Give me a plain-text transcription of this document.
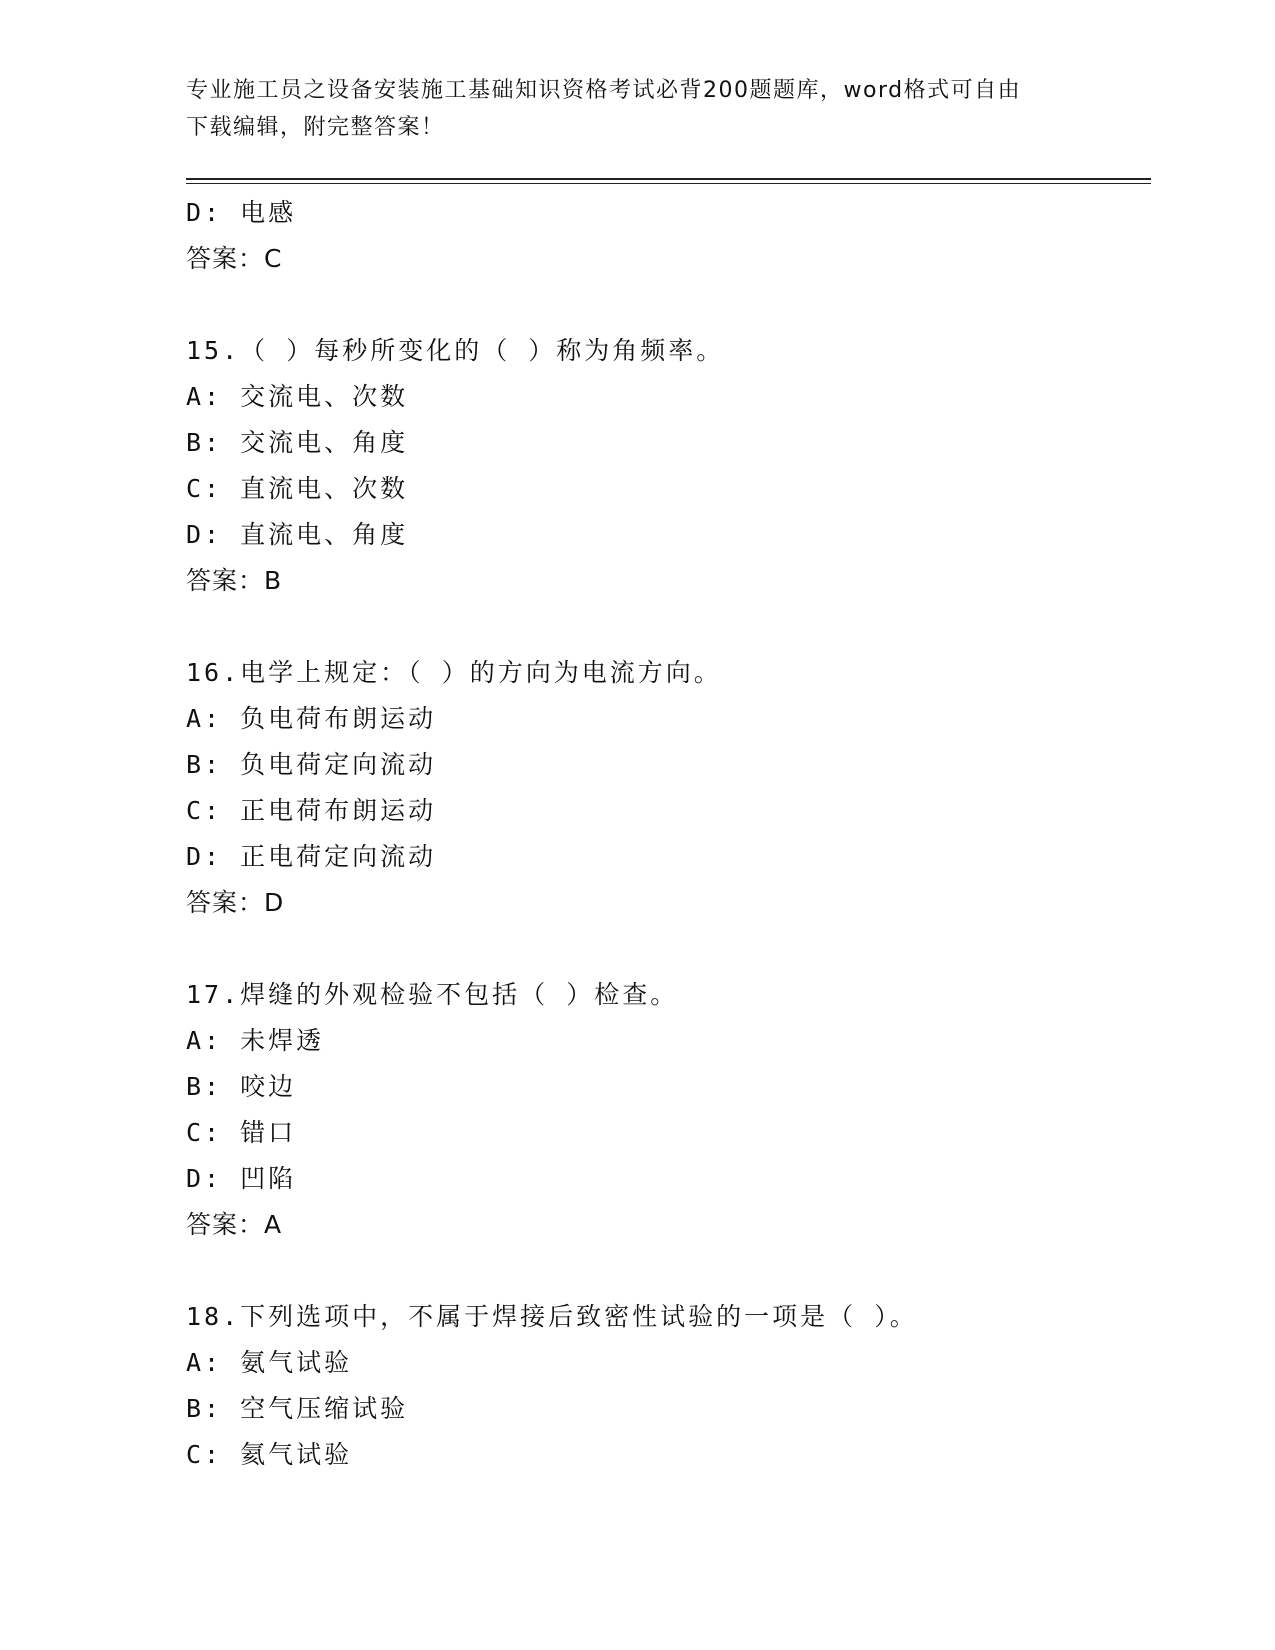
专业施工员之设备安装施工基础知识资格考试必背200题题库，word格式可自由
下载编辑，附完整答案！
D: 电感
答案：C
15.（ ）每秒所变化的（ ）称为角频率。
A: 交流电、次数
B: 交流电、角度
C: 直流电、次数
D: 直流电、角度
答案：B
16.电学上规定：（ ）的方向为电流方向。
A: 负电荷布朗运动
B: 负电荷定向流动
C: 正电荷布朗运动
D: 正电荷定向流动
答案：D
17.焊缝的外观检验不包括（ ）检查。
A: 未焊透
B: 咬边
C: 错口
D: 凹陷
答案：A
18.下列选项中，不属于焊接后致密性试验的一项是（ ）。
A: 氨气试验
B: 空气压缩试验
C: 氦气试验
